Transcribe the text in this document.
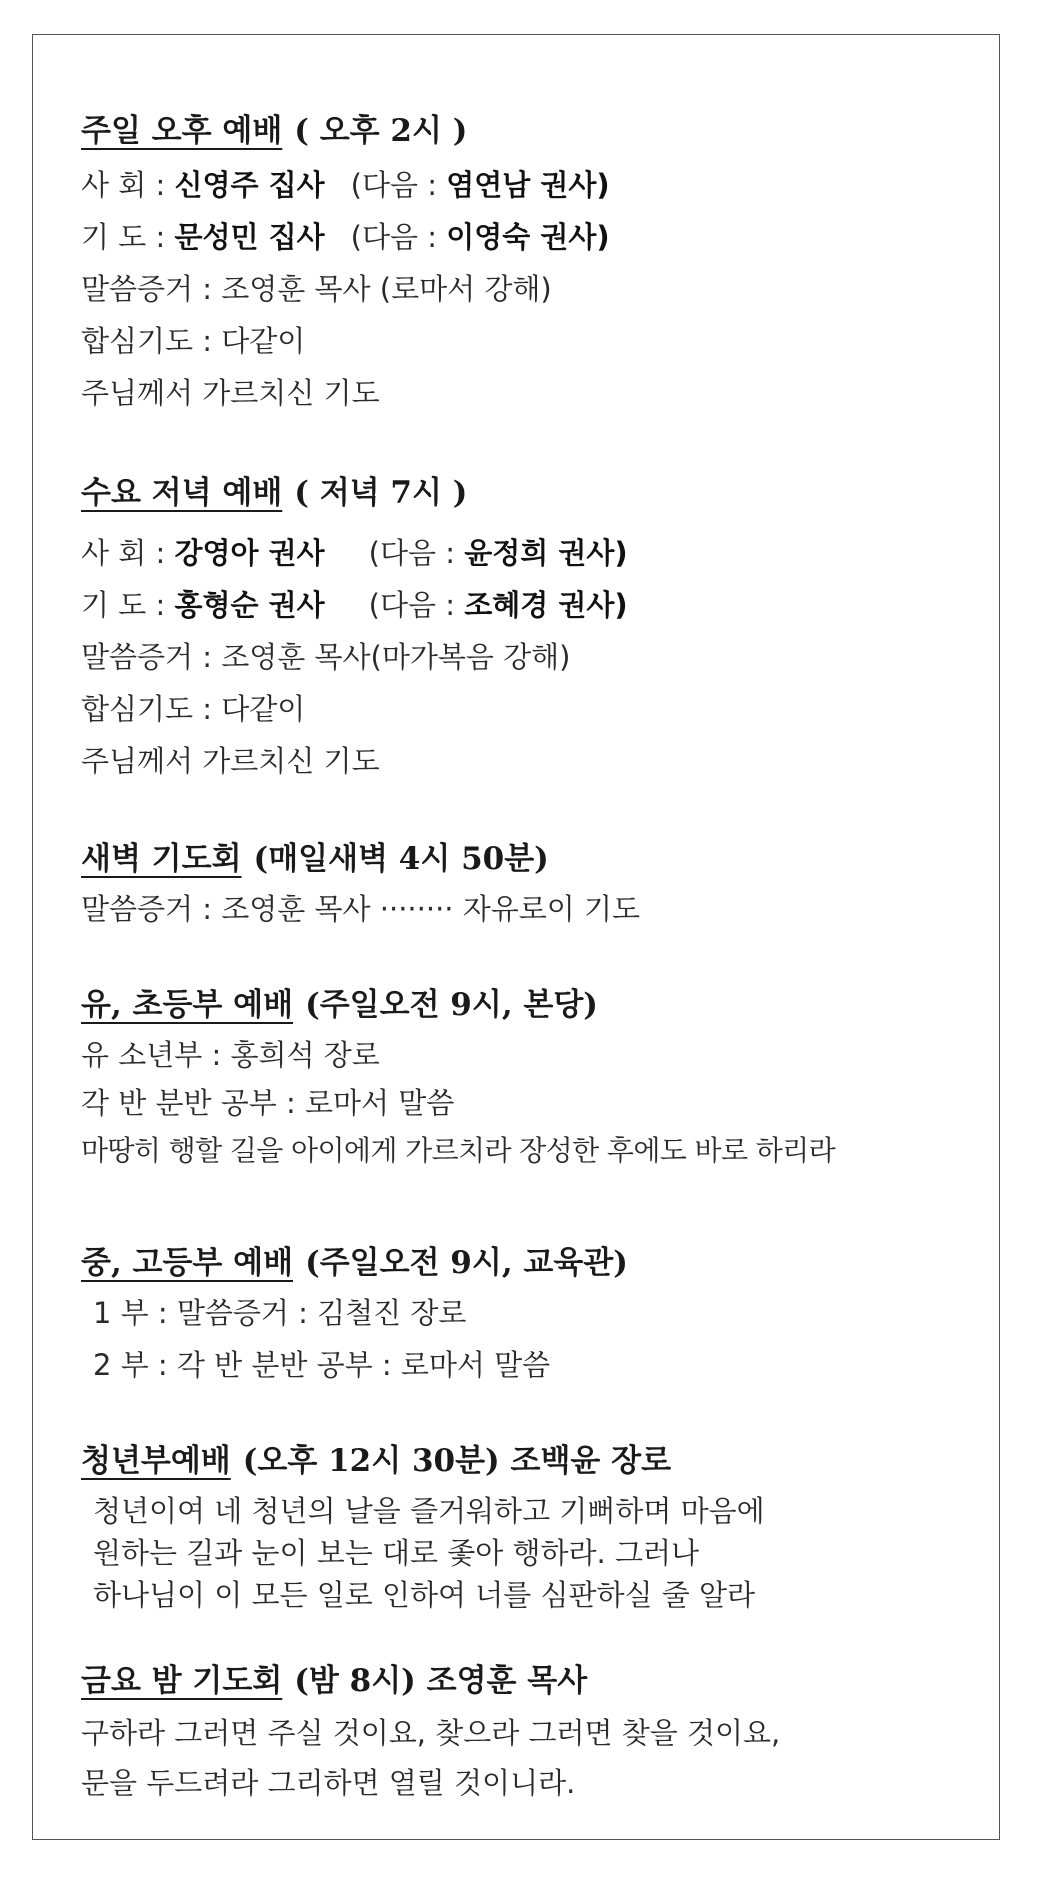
주일 오후 예배 ( 오후 2시 )
사 회 : 신영주 집사 (다음 : 염연남 권사)
기 도 : 문성민 집사 (다음 : 이영숙 권사)
말씀증거 : 조영훈 목사 (로마서 강해)
합심기도 : 다같이
주님께서 가르치신 기도
수요 저녁 예배 ( 저녁 7시 )
사 회 : 강영아 권사 (다음 : 윤정희 권사)
기 도 : 홍형순 권사 (다음 : 조혜경 권사)
말씀증거 : 조영훈 목사(마가복음 강해)
합심기도 : 다같이
주님께서 가르치신 기도
새벽 기도회 (매일새벽 4시 50분)
말씀증거 : 조영훈 목사 ········ 자유로이 기도
유, 초등부 예배 (주일오전 9시, 본당)
유 소년부 : 홍희석 장로
각 반 분반 공부 : 로마서 말씀
마땅히 행할 길을 아이에게 가르치라 장성한 후에도 바로 하리라
중, 고등부 예배 (주일오전 9시, 교육관)
1 부 : 말씀증거 : 김철진 장로
2 부 : 각 반 분반 공부 : 로마서 말씀
청년부예배 (오후 12시 30분) 조백윤 장로
청년이여 네 청년의 날을 즐거워하고 기뻐하며 마음에
원하는 길과 눈이 보는 대로 좇아 행하라. 그러나
하나님이 이 모든 일로 인하여 너를 심판하실 줄 알라
금요 밤 기도회 (밤 8시) 조영훈 목사
구하라 그러면 주실 것이요, 찾으라 그러면 찾을 것이요,
문을 두드려라 그리하면 열릴 것이니라.
